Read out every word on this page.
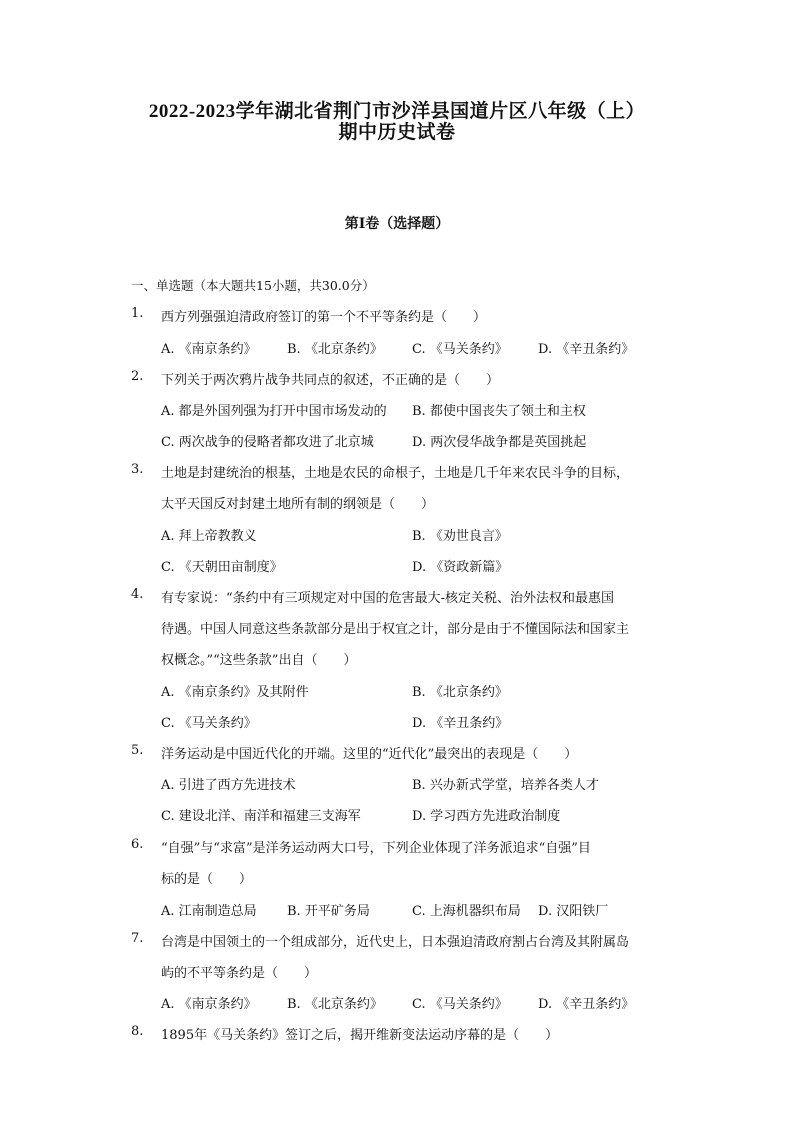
2022-2023学年湖北省荆门市沙洋县国道片区八年级（上）
期中历史试卷
第I卷（选择题）
一、单选题（本大题共15小题，共30.0分）
1.	西方列强强迫清政府签订的第一个不平等条约是（　　）
A. 《南京条约》 B. 《北京条约》 C. 《马关条约》 D. 《辛丑条约》
2.	下列关于两次鸦片战争共同点的叙述，不正确的是（　　）
A. 都是外国列强为打开中国市场发动的 B. 都使中国丧失了领土和主权
C. 两次战争的侵略者都攻进了北京城	D. 两次侵华战争都是英国挑起
3.	土地是封建统治的根基，土地是农民的命根子，土地是几千年来农民斗争的目标，
太平天国反对封建土地所有制的纲领是（　　）
A. 拜上帝教教义	B. 《劝世良言》
C. 《天朝田亩制度》	D. 《资政新篇》
4.	有专家说：“条约中有三项规定对中国的危害最大-核定关税、治外法权和最惠国
待遇。中国人同意这些条款部分是出于权宜之计，部分是由于不懂国际法和国家主
权概念。”“这些条款”出自（　　）
A. 《南京条约》及其附件	B. 《北京条约》
C. 《马关条约》	D. 《辛丑条约》
5.	洋务运动是中国近代化的开端。这里的“近代化”最突出的表现是（　　）
A. 引进了西方先进技术	B. 兴办新式学堂，培养各类人才
C. 建设北洋、南洋和福建三支海军	D. 学习西方先进政治制度
6.	“自强”与“求富”是洋务运动两大口号，下列企业体现了洋务派追求“自强”目
标的是（　　）
A. 江南制造总局 B. 开平矿务局	C. 上海机器织布局 D. 汉阳铁厂
7.	台湾是中国领土的一个组成部分，近代史上，日本强迫清政府割占台湾及其附属岛
屿的不平等条约是（　　）
A. 《南京条约》 B. 《北京条约》 C. 《马关条约》 D. 《辛丑条约》
8.	1895年《马关条约》签订之后，揭开维新变法运动序幕的是（　　）
